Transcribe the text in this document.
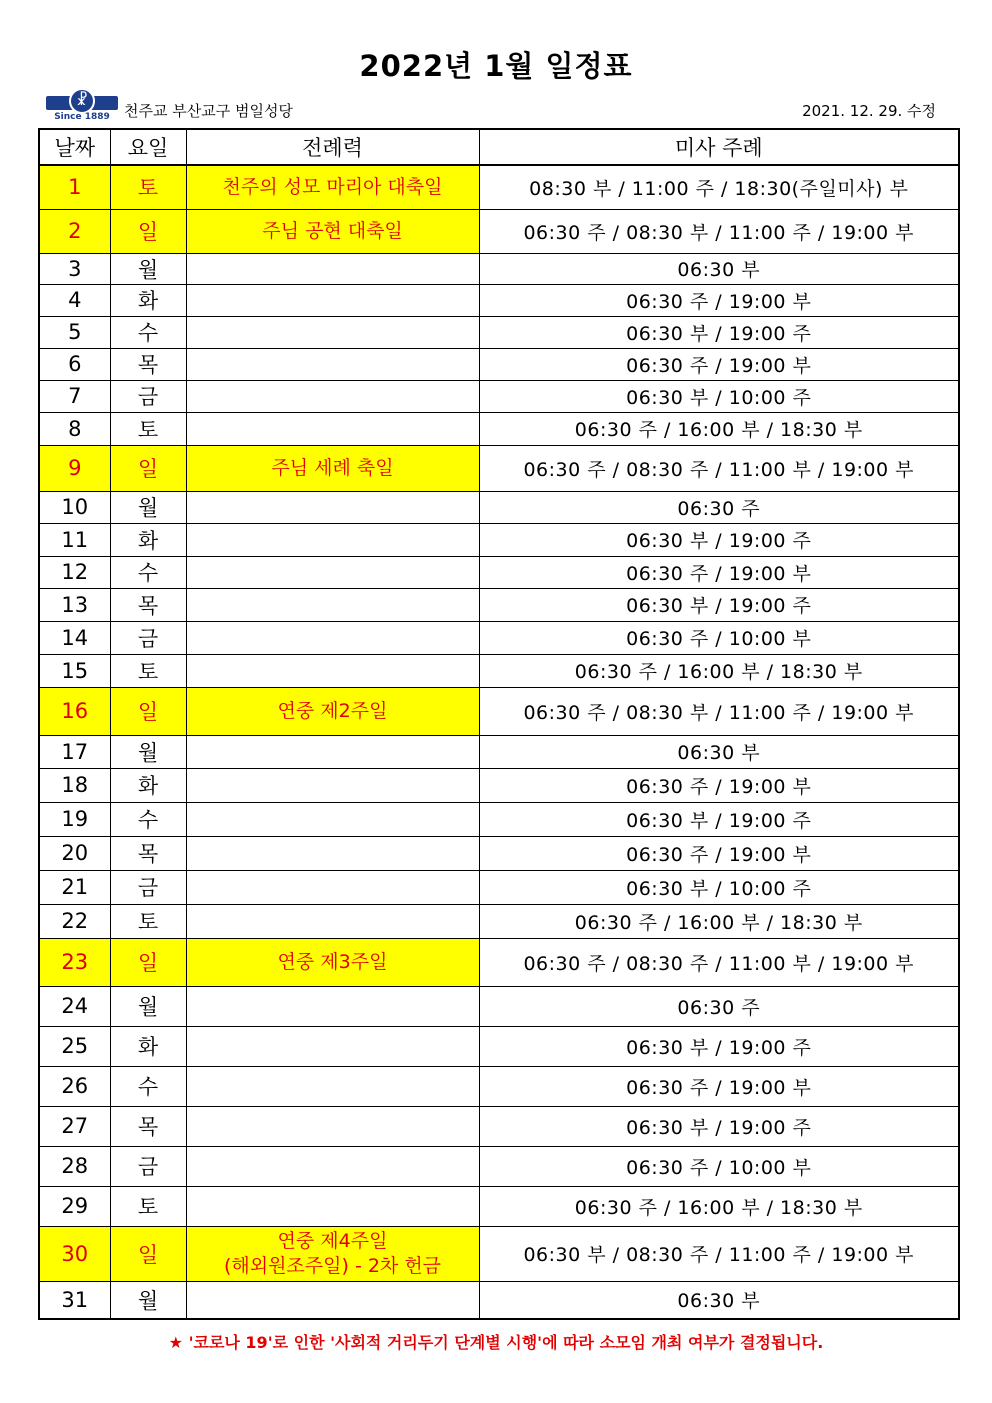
2022년 1월 일정표
☧
Since 1889 천주교 부산교구 범일성당	2021. 12. 29. 수정
날짜	요일	전례력	미사 주례
1	토	천주의 성모 마리아 대축일	08:30 부 / 11:00 주 / 18:30(주일미사) 부
2	일	주님 공현 대축일	06:30 주 / 08:30 부 / 11:00 주 / 19:00 부
3	월		06:30 부
4	화		06:30 주 / 19:00 부
5	수		06:30 부 / 19:00 주
6	목		06:30 주 / 19:00 부
7	금		06:30 부 / 10:00 주
8	토		06:30 주 / 16:00 부 / 18:30 부
9	일	주님 세례 축일	06:30 주 / 08:30 주 / 11:00 부 / 19:00 부
10	월		06:30 주
11	화		06:30 부 / 19:00 주
12	수		06:30 주 / 19:00 부
13	목		06:30 부 / 19:00 주
14	금		06:30 주 / 10:00 부
15	토		06:30 주 / 16:00 부 / 18:30 부
16	일	연중 제2주일	06:30 주 / 08:30 부 / 11:00 주 / 19:00 부
17	월		06:30 부
18	화		06:30 주 / 19:00 부
19	수		06:30 부 / 19:00 주
20	목		06:30 주 / 19:00 부
21	금		06:30 부 / 10:00 주
22	토		06:30 주 / 16:00 부 / 18:30 부
23	일	연중 제3주일	06:30 주 / 08:30 주 / 11:00 부 / 19:00 부
24	월		06:30 주
25	화		06:30 부 / 19:00 주
26	수		06:30 주 / 19:00 부
27	목		06:30 부 / 19:00 주
28	금		06:30 주 / 10:00 부
29	토		06:30 주 / 16:00 부 / 18:30 부
30	일	연중 제4주일
(해외원조주일) - 2차 헌금	06:30 부 / 08:30 주 / 11:00 주 / 19:00 부
31	월		06:30 부
★ '코로나 19'로 인한 '사회적 거리두기 단계별 시행'에 따라 소모임 개최 여부가 결정됩니다.
